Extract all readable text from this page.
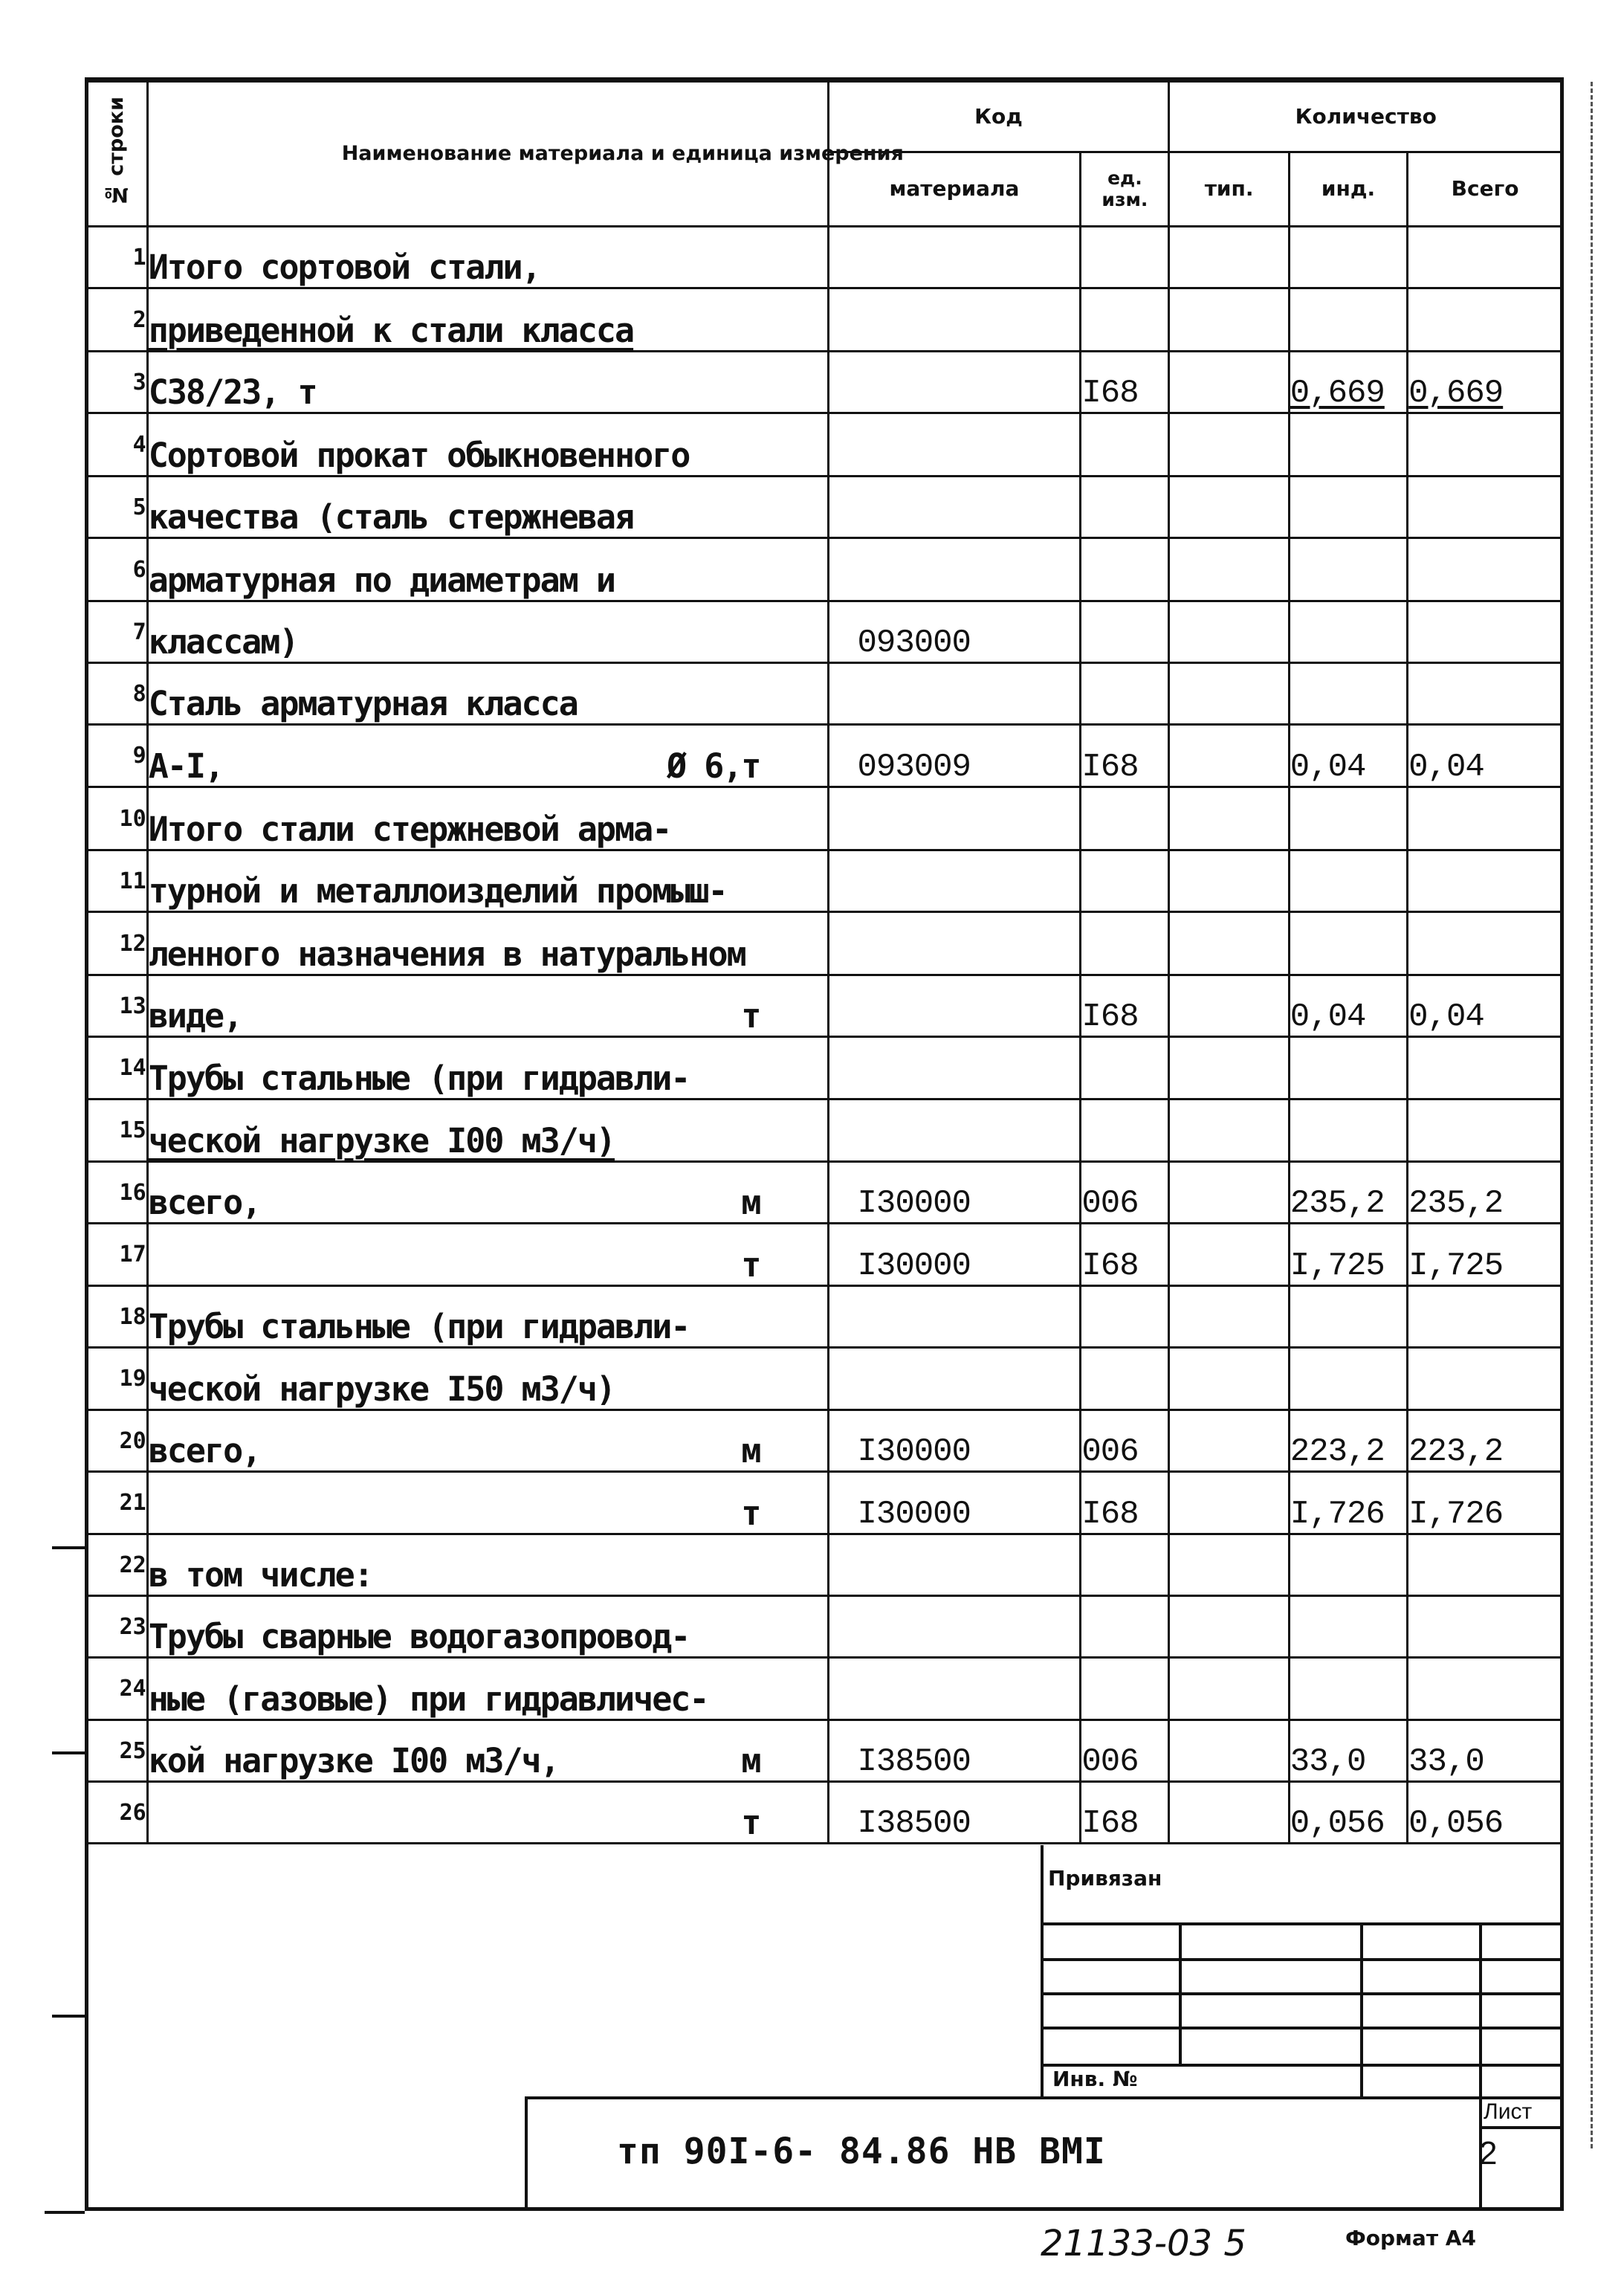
№ строки	Наименование материала и единица измерения	Код		Количество		
		материала	ед. изм.	тип.	инд.	Всего
1	Итого сортовой стали,

2	приведенной к стали класса

3	С38/23, т		I68		0,669	0,669
4	Сортовой прокат обыкновенного

5	качества (сталь стержневая

6	арматурная по диаметрам и

7	классам)	093000				
8	Сталь арматурная класса

9	А-I, Ø 6,т	093009	I68		0,04	0,04
10	Итого стали стержневой арма-

11	турной и металлоизделий промыш-

12	ленного назначения в натуральном

13	виде, т		I68		0,04	0,04
14	Трубы стальные (при гидравли-

15	ческой нагрузке I00 м3/ч)

16	всего, м	I30000	006		235,2	235,2
17	т	I30000	I68		I,725	I,725
18	Трубы стальные (при гидравли-

19	ческой нагрузке I50 м3/ч)

20	всего, м	I30000	006		223,2	223,2
21	т	I30000	I68		I,726	I,726
22	в том числе:

23	Трубы сварные водогазопровод-

24	ные (газовые) при гидравличес-

25	кой нагрузке I00 м3/ч, м	I38500	006		33,0	33,0
26	т	I38500	I68		0,056	0,056
Привязан
Инв. №
Лист
2
тп 90I-6- 84.86 НВ ВМI
21133-03 5	Формат А4
